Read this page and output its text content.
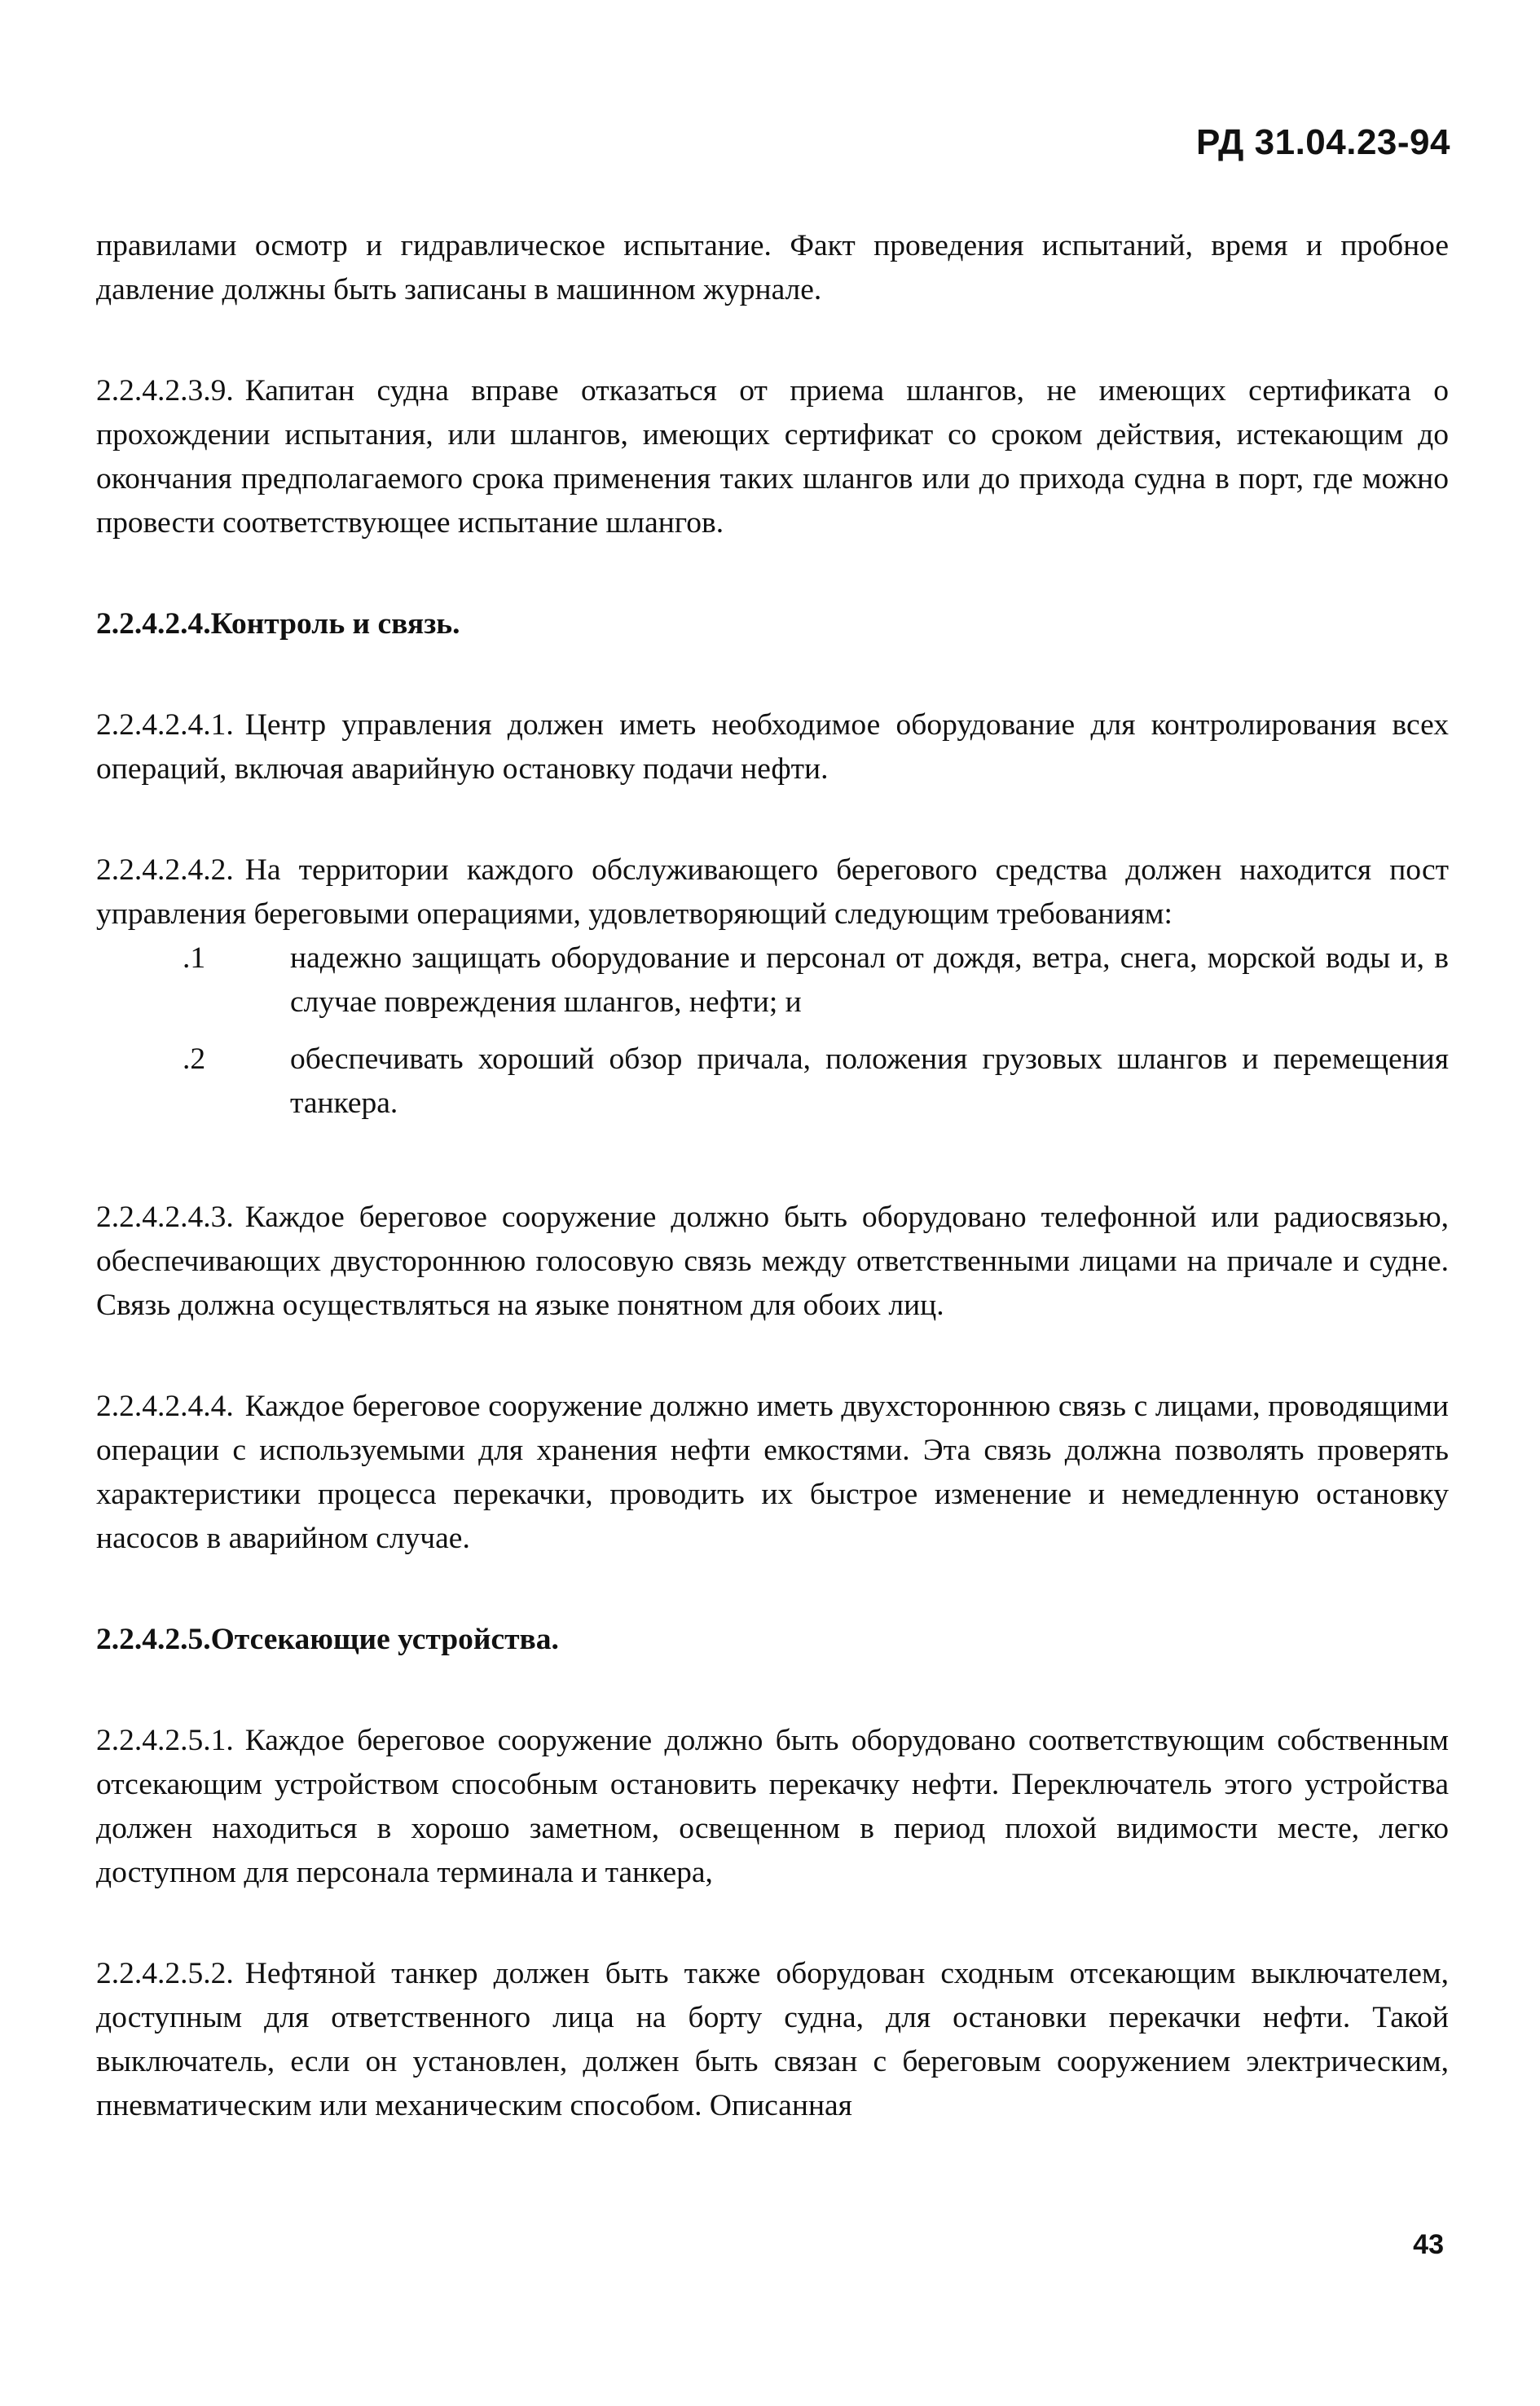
РД 31.04.23-94

правилами осмотр и гидравлическое испытание. Факт проведения испытаний, время и пробное давление должны быть записаны в машинном журнале.

2.2.4.2.3.9. Капитан судна вправе отказаться от приема шлангов, не имеющих сертификата о прохождении испытания, или шлангов, имеющих сертификат со сроком действия, истекающим до окончания предполагаемого срока применения таких шлангов или до прихода судна в порт, где можно провести соответствующее испытание шлангов.

2.2.4.2.4.Контроль и связь.

2.2.4.2.4.1. Центр управления должен иметь необходимое оборудование для контролирования всех операций, включая аварийную остановку подачи нефти.

2.2.4.2.4.2. На территории каждого обслуживающего берегового средства должен находится пост управления береговыми операциями, удовлетворяющий следующим требованиям:

.1	надежно защищать оборудование и персонал от дождя, ветра, снега, морской воды и, в случае повреждения шлангов, нефти; и
.2	обеспечивать хороший обзор причала, положения грузовых шлангов и перемещения танкера.

2.2.4.2.4.3. Каждое береговое сооружение должно быть оборудовано телефонной или радиосвязью, обеспечивающих двустороннюю голосовую связь между ответственными лицами на причале и судне. Связь должна осуществляться на языке понятном для обоих лиц.

2.2.4.2.4.4. Каждое береговое сооружение должно иметь двухстороннюю связь с лицами, проводящими операции с используемыми для хранения нефти емкостями. Эта связь должна позволять проверять характеристики процесса перекачки, проводить их быстрое изменение и немедленную остановку насосов в аварийном случае.

2.2.4.2.5.Отсекающие устройства.

2.2.4.2.5.1. Каждое береговое сооружение должно быть оборудовано соответствующим собственным отсекающим устройством способным остановить перекачку нефти. Переключатель этого устройства должен находиться в хорошо заметном, освещенном в период плохой видимости месте, легко доступном для персонала терминала и танкера,

2.2.4.2.5.2. Нефтяной танкер должен быть также оборудован сходным отсекающим выключателем, доступным для ответственного лица на борту судна, для остановки перекачки нефти. Такой выключатель, если он установлен, должен быть связан с береговым сооружением электрическим, пневматическим или механическим способом. Описанная

43
